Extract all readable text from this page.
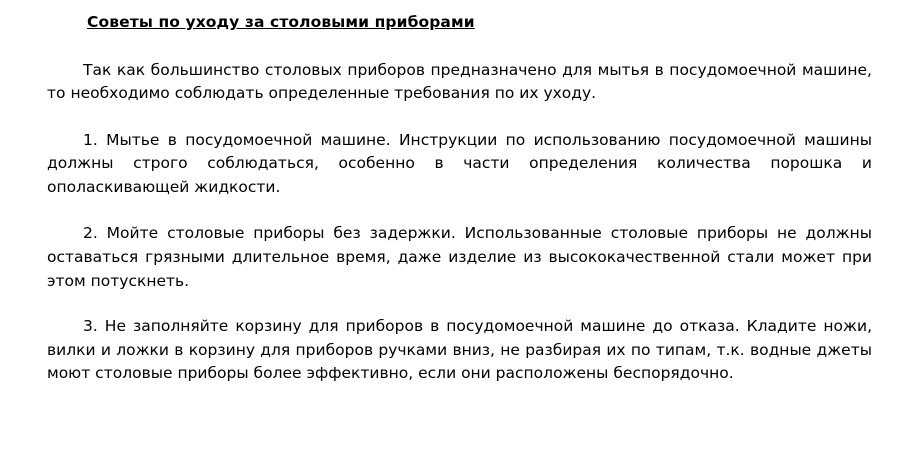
Советы по уходу за столовыми приборами

Так как большинство столовых приборов предназначено для мытья в посудомоечной машине, то необходимо соблюдать определенные требования по их уходу.

1. Мытье в посудомоечной машине. Инструкции по использованию посудомоечной машины должны строго соблюдаться, особенно в части определения количества порошка и ополаскивающей жидкости.

2. Мойте столовые приборы без задержки. Использованные столовые приборы не должны оставаться грязными длительное время, даже изделие из высококачественной стали может при этом потускнеть.

3. Не заполняйте корзину для приборов в посудомоечной машине до отказа. Кладите ножи, вилки и ложки в корзину для приборов ручками вниз, не разбирая их по типам, т.к. водные джеты моют столовые приборы более эффективно, если они расположены беспорядочно.
